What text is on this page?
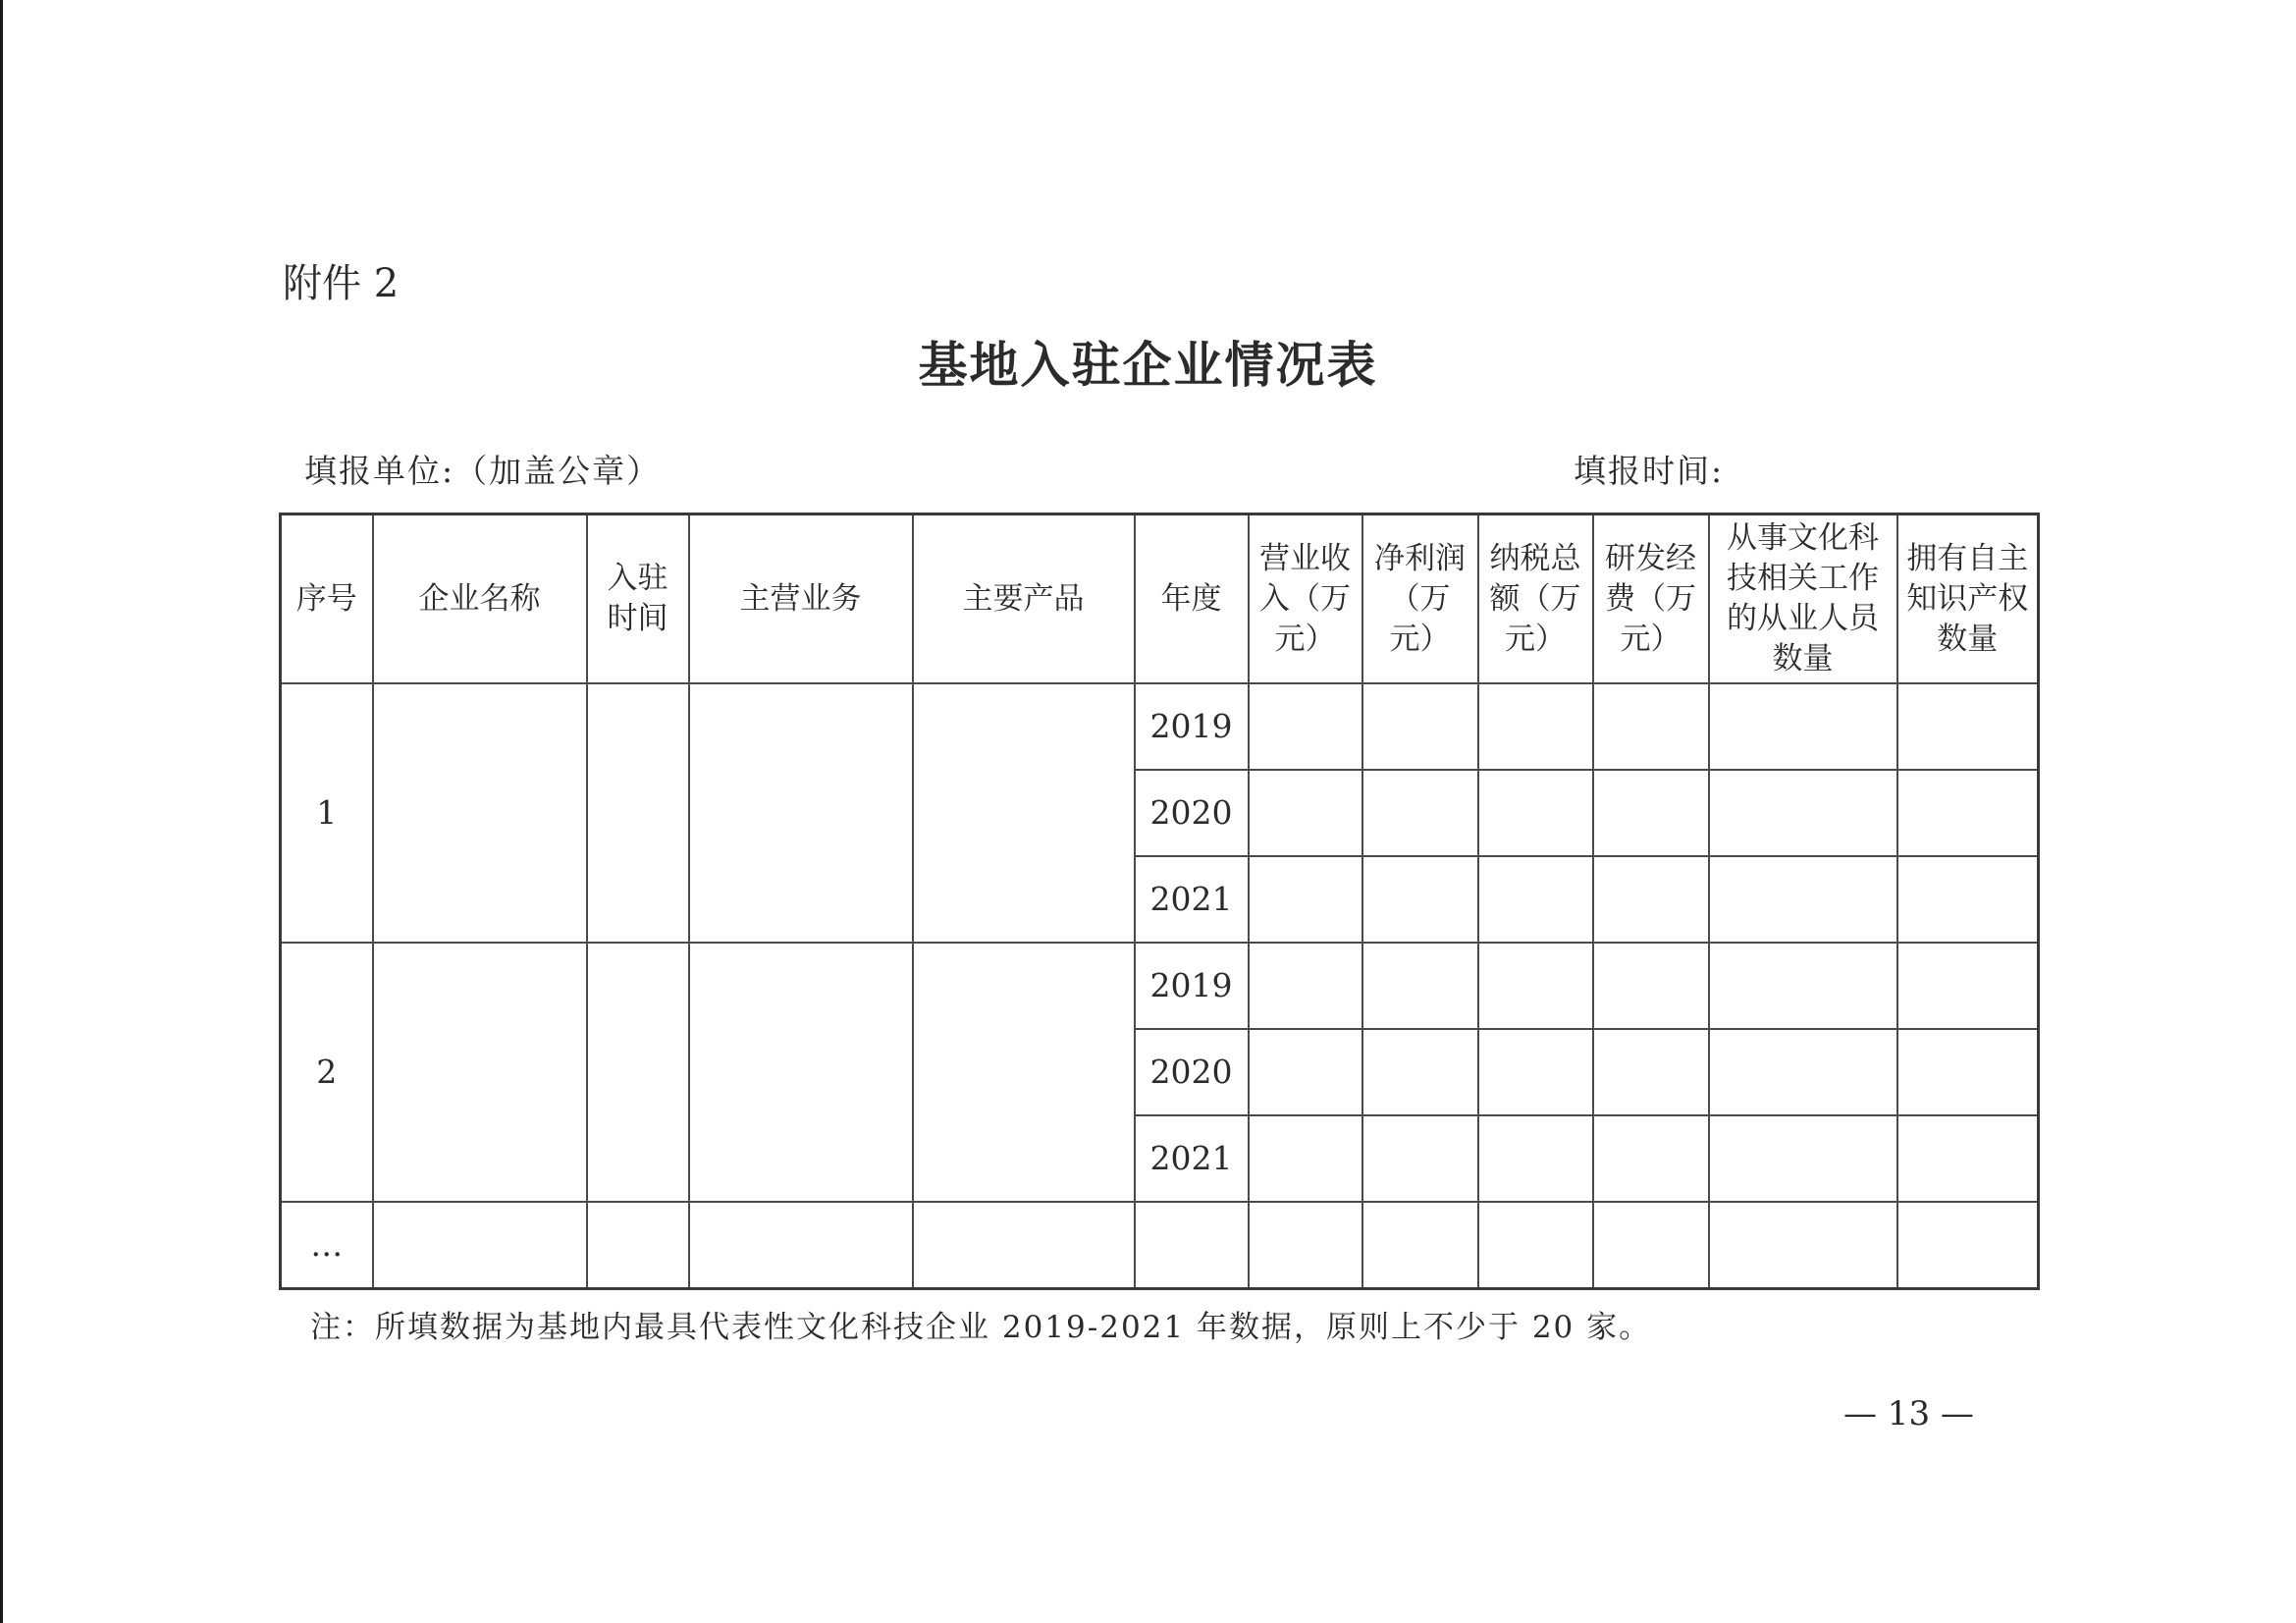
附件 2
基地入驻企业情况表
填报单位:（加盖公章）	填报时间:
序号	企业名称	入驻时间	主营业务	主要产品	年度	营业收入（万元）	净利润（万元）	纳税总额（万元）	研发经费（万元）	从事文化科技相关工作的从业人员数量	拥有自主知识产权数量
1					2019						
					2020						
					2021						
2					2019						
					2020						
					2021						
…											
注：所填数据为基地内最具代表性文化科技企业 2019-2021 年数据，原则上不少于 20 家。
— 13 —
